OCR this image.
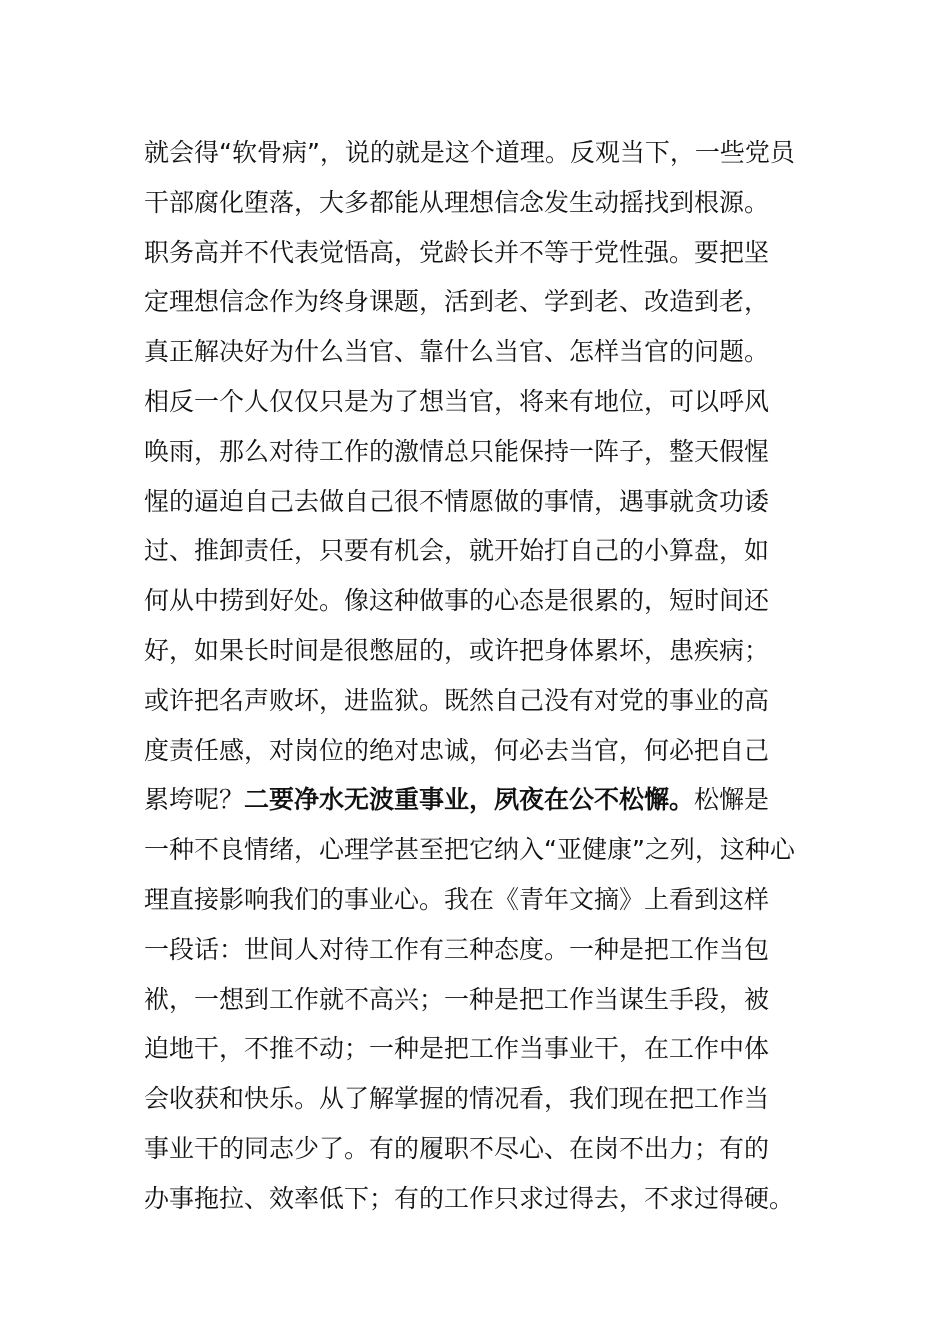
就会得“软骨病”，说的就是这个道理。反观当下，一些党员
干部腐化堕落，大多都能从理想信念发生动摇找到根源。
职务高并不代表觉悟高，党龄长并不等于党性强。要把坚
定理想信念作为终身课题，活到老、学到老、改造到老，
真正解决好为什么当官、靠什么当官、怎样当官的问题。
相反一个人仅仅只是为了想当官，将来有地位，可以呼风
唤雨，那么对待工作的激情总只能保持一阵子，整天假惺
惺的逼迫自己去做自己很不情愿做的事情，遇事就贪功诿
过、推卸责任，只要有机会，就开始打自己的小算盘，如
何从中捞到好处。像这种做事的心态是很累的，短时间还
好，如果长时间是很憋屈的，或许把身体累坏，患疾病；
或许把名声败坏，进监狱。既然自己没有对党的事业的高
度责任感，对岗位的绝对忠诚，何必去当官，何必把自己
累垮呢？二要净水无波重事业，夙夜在公不松懈。松懈是
一种不良情绪，心理学甚至把它纳入“亚健康”之列，这种心
理直接影响我们的事业心。我在《青年文摘》上看到这样
一段话：世间人对待工作有三种态度。一种是把工作当包
袱，一想到工作就不高兴；一种是把工作当谋生手段，被
迫地干，不推不动；一种是把工作当事业干，在工作中体
会收获和快乐。从了解掌握的情况看，我们现在把工作当
事业干的同志少了。有的履职不尽心、在岗不出力；有的
办事拖拉、效率低下；有的工作只求过得去，不求过得硬。
